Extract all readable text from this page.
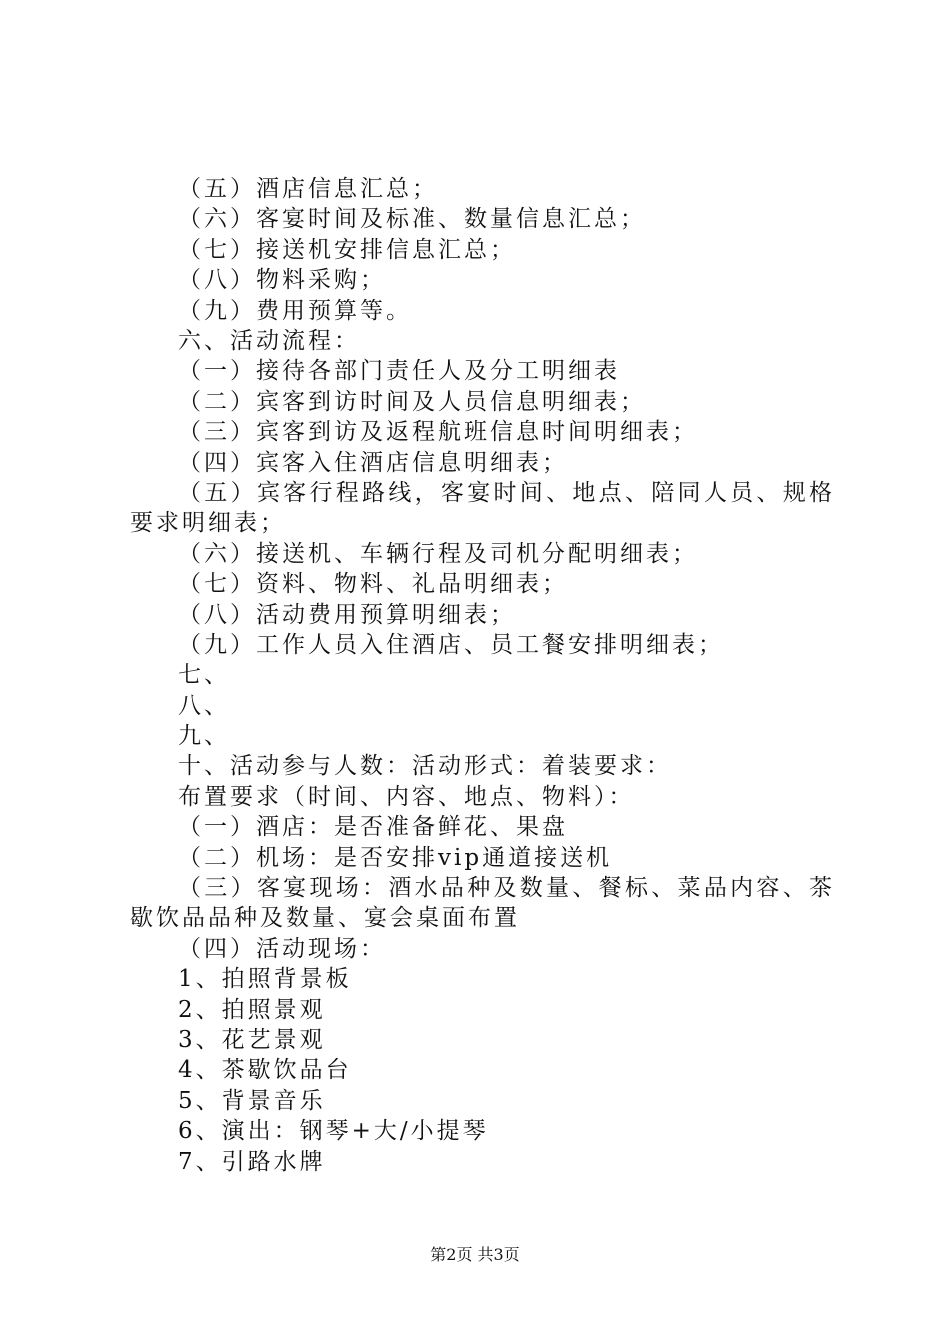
（五）酒店信息汇总；
（六）客宴时间及标准、数量信息汇总；
（七）接送机安排信息汇总；
（八）物料采购；
（九）费用预算等。
六、活动流程：
（一）接待各部门责任人及分工明细表
（二）宾客到访时间及人员信息明细表；
（三）宾客到访及返程航班信息时间明细表；
（四）宾客入住酒店信息明细表；
（五）宾客行程路线，客宴时间、地点、陪同人员、规格要求明细表；
（六）接送机、车辆行程及司机分配明细表；
（七）资料、物料、礼品明细表；
（八）活动费用预算明细表；
（九）工作人员入住酒店、员工餐安排明细表；
七、
八、
九、
十、活动参与人数：活动形式：着装要求：
布置要求（时间、内容、地点、物料）：
（一）酒店：是否准备鲜花、果盘
（二）机场：是否安排vip通道接送机
（三）客宴现场：酒水品种及数量、餐标、菜品内容、茶歇饮品品种及数量、宴会桌面布置
（四）活动现场：
1、拍照背景板
2、拍照景观
3、花艺景观
4、茶歇饮品台
5、背景音乐
6、演出：钢琴+大/小提琴
7、引路水牌
第2页 共3页
